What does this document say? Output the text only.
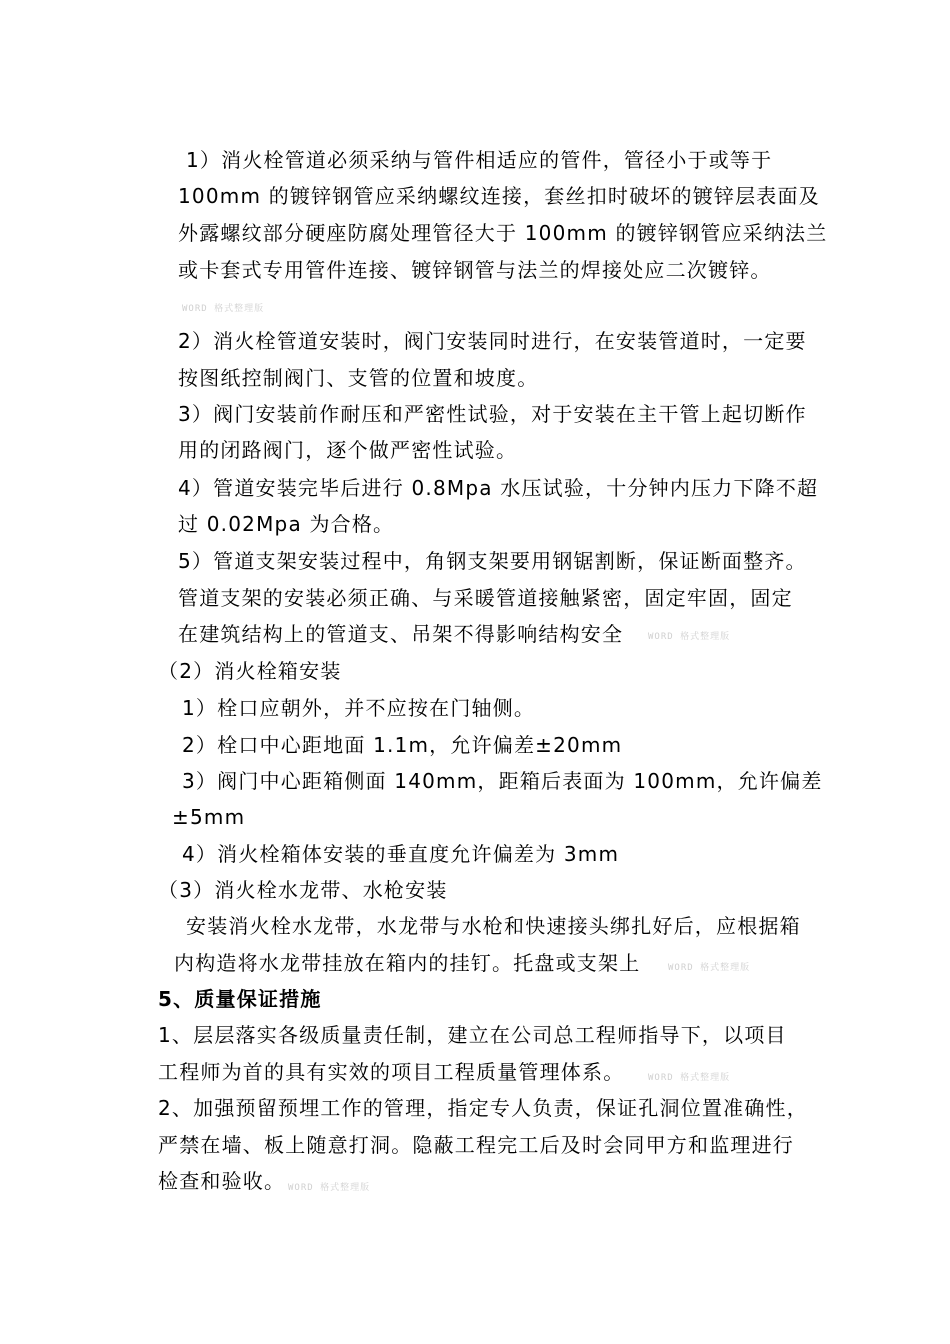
1）消火栓管道必须采纳与管件相适应的管件，管径小于或等于
100mm 的镀锌钢管应采纳螺纹连接，套丝扣时破坏的镀锌层表面及
外露螺纹部分硬座防腐处理管径大于 100mm 的镀锌钢管应采纳法兰
或卡套式专用管件连接、镀锌钢管与法兰的焊接处应二次镀锌。
WORD 格式整理版
2）消火栓管道安装时，阀门安装同时进行，在安装管道时，一定要
按图纸控制阀门、支管的位置和坡度。
3）阀门安装前作耐压和严密性试验，对于安装在主干管上起切断作
用的闭路阀门，逐个做严密性试验。
4）管道安装完毕后进行 0.8Mpa 水压试验，十分钟内压力下降不超
过 0.02Mpa 为合格。
5）管道支架安装过程中，角钢支架要用钢锯割断，保证断面整齐。
管道支架的安装必须正确、与采暖管道接触紧密，固定牢固，固定
在建筑结构上的管道支、吊架不得影响结构安全	WORD 格式整理版
（2）消火栓箱安装
1）栓口应朝外，并不应按在门轴侧。
2）栓口中心距地面 1.1m，允许偏差±20mm
3）阀门中心距箱侧面 140mm，距箱后表面为 100mm，允许偏差
±5mm
4）消火栓箱体安装的垂直度允许偏差为 3mm
（3）消火栓水龙带、水枪安装
安装消火栓水龙带，水龙带与水枪和快速接头绑扎好后，应根据箱
内构造将水龙带挂放在箱内的挂钉。托盘或支架上	WORD 格式整理版
5、质量保证措施
1、层层落实各级质量责任制，建立在公司总工程师指导下，以项目
工程师为首的具有实效的项目工程质量管理体系。	WORD 格式整理版
2、加强预留预埋工作的管理，指定专人负责，保证孔洞位置准确性，
严禁在墙、板上随意打洞。隐蔽工程完工后及时会同甲方和监理进行
检查和验收。 WORD 格式整理版
